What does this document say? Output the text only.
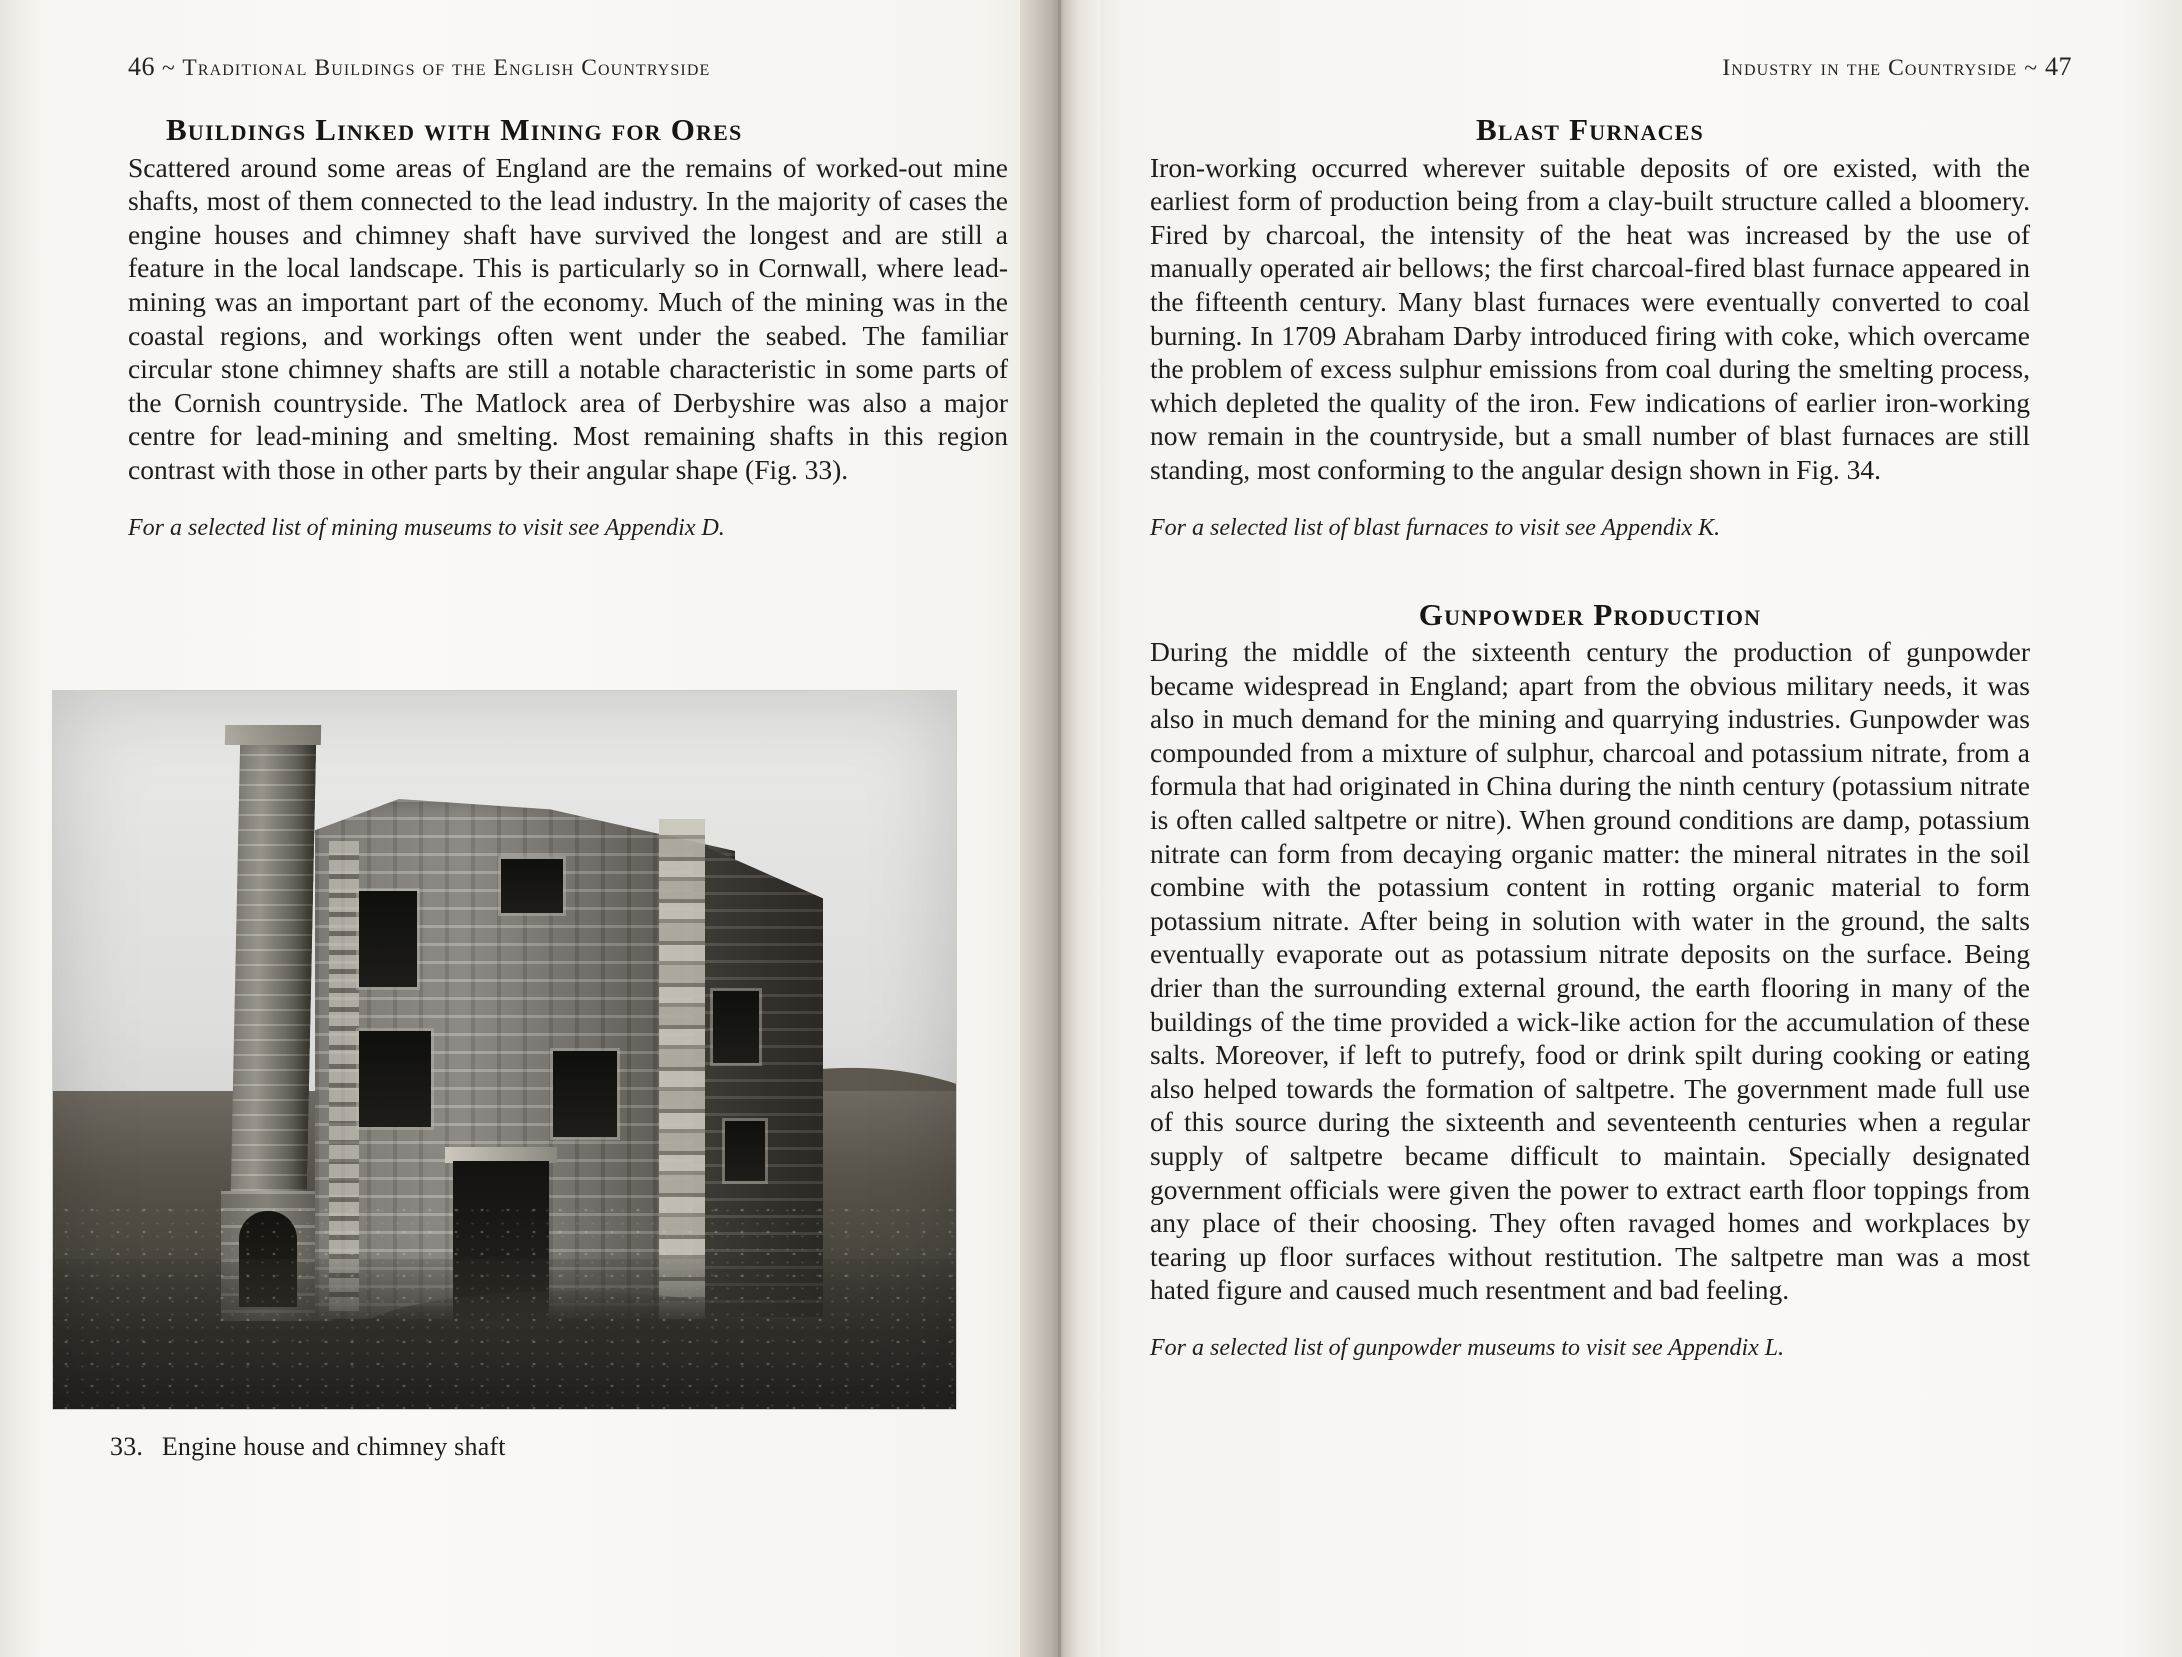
46 ~ Traditional Buildings of the English Countryside
Buildings Linked with Mining for Ores

Scattered around some areas of England are the remains of worked-out mine shafts, most of them connected to the lead industry. In the majority of cases the engine houses and chimney shaft have survived the longest and are still a feature in the local landscape. This is particularly so in Cornwall, where lead-mining was an important part of the economy. Much of the mining was in the coastal regions, and workings often went under the seabed. The familiar circular stone chimney shafts are still a notable characteristic in some parts of the Cornish countryside. The Matlock area of Derbyshire was also a major centre for lead-mining and smelting. Most remaining shafts in this region contrast with those in other parts by their angular shape (Fig. 33).

For a selected list of mining museums to visit see Appendix D.

33. Engine house and chimney shaft
Industry in the Countryside ~ 47
Blast Furnaces

Iron-working occurred wherever suitable deposits of ore existed, with the earliest form of production being from a clay-built structure called a bloomery. Fired by charcoal, the intensity of the heat was increased by the use of manually operated air bellows; the first charcoal-fired blast furnace appeared in the fifteenth century. Many blast furnaces were eventually converted to coal burning. In 1709 Abraham Darby introduced firing with coke, which overcame the problem of excess sulphur emissions from coal during the smelting process, which depleted the quality of the iron. Few indications of earlier iron-working now remain in the countryside, but a small number of blast furnaces are still standing, most conforming to the angular design shown in Fig. 34.

For a selected list of blast furnaces to visit see Appendix K.

Gunpowder Production

During the middle of the sixteenth century the production of gunpowder became widespread in England; apart from the obvious military needs, it was also in much demand for the mining and quarrying industries. Gunpowder was compounded from a mixture of sulphur, charcoal and potassium nitrate, from a formula that had originated in China during the ninth century (potassium nitrate is often called saltpetre or nitre). When ground conditions are damp, potassium nitrate can form from decaying organic matter: the mineral nitrates in the soil combine with the potassium content in rotting organic material to form potassium nitrate. After being in solution with water in the ground, the salts eventually evaporate out as potassium nitrate deposits on the surface. Being drier than the surrounding external ground, the earth flooring in many of the buildings of the time provided a wick-like action for the accumulation of these salts. Moreover, if left to putrefy, food or drink spilt during cooking or eating also helped towards the formation of saltpetre. The government made full use of this source during the sixteenth and seventeenth centuries when a regular supply of saltpetre became difficult to maintain. Specially designated government officials were given the power to extract earth floor toppings from any place of their choosing. They often ravaged homes and workplaces by tearing up floor surfaces without restitution. The saltpetre man was a most hated figure and caused much resentment and bad feeling.

For a selected list of gunpowder museums to visit see Appendix L.
